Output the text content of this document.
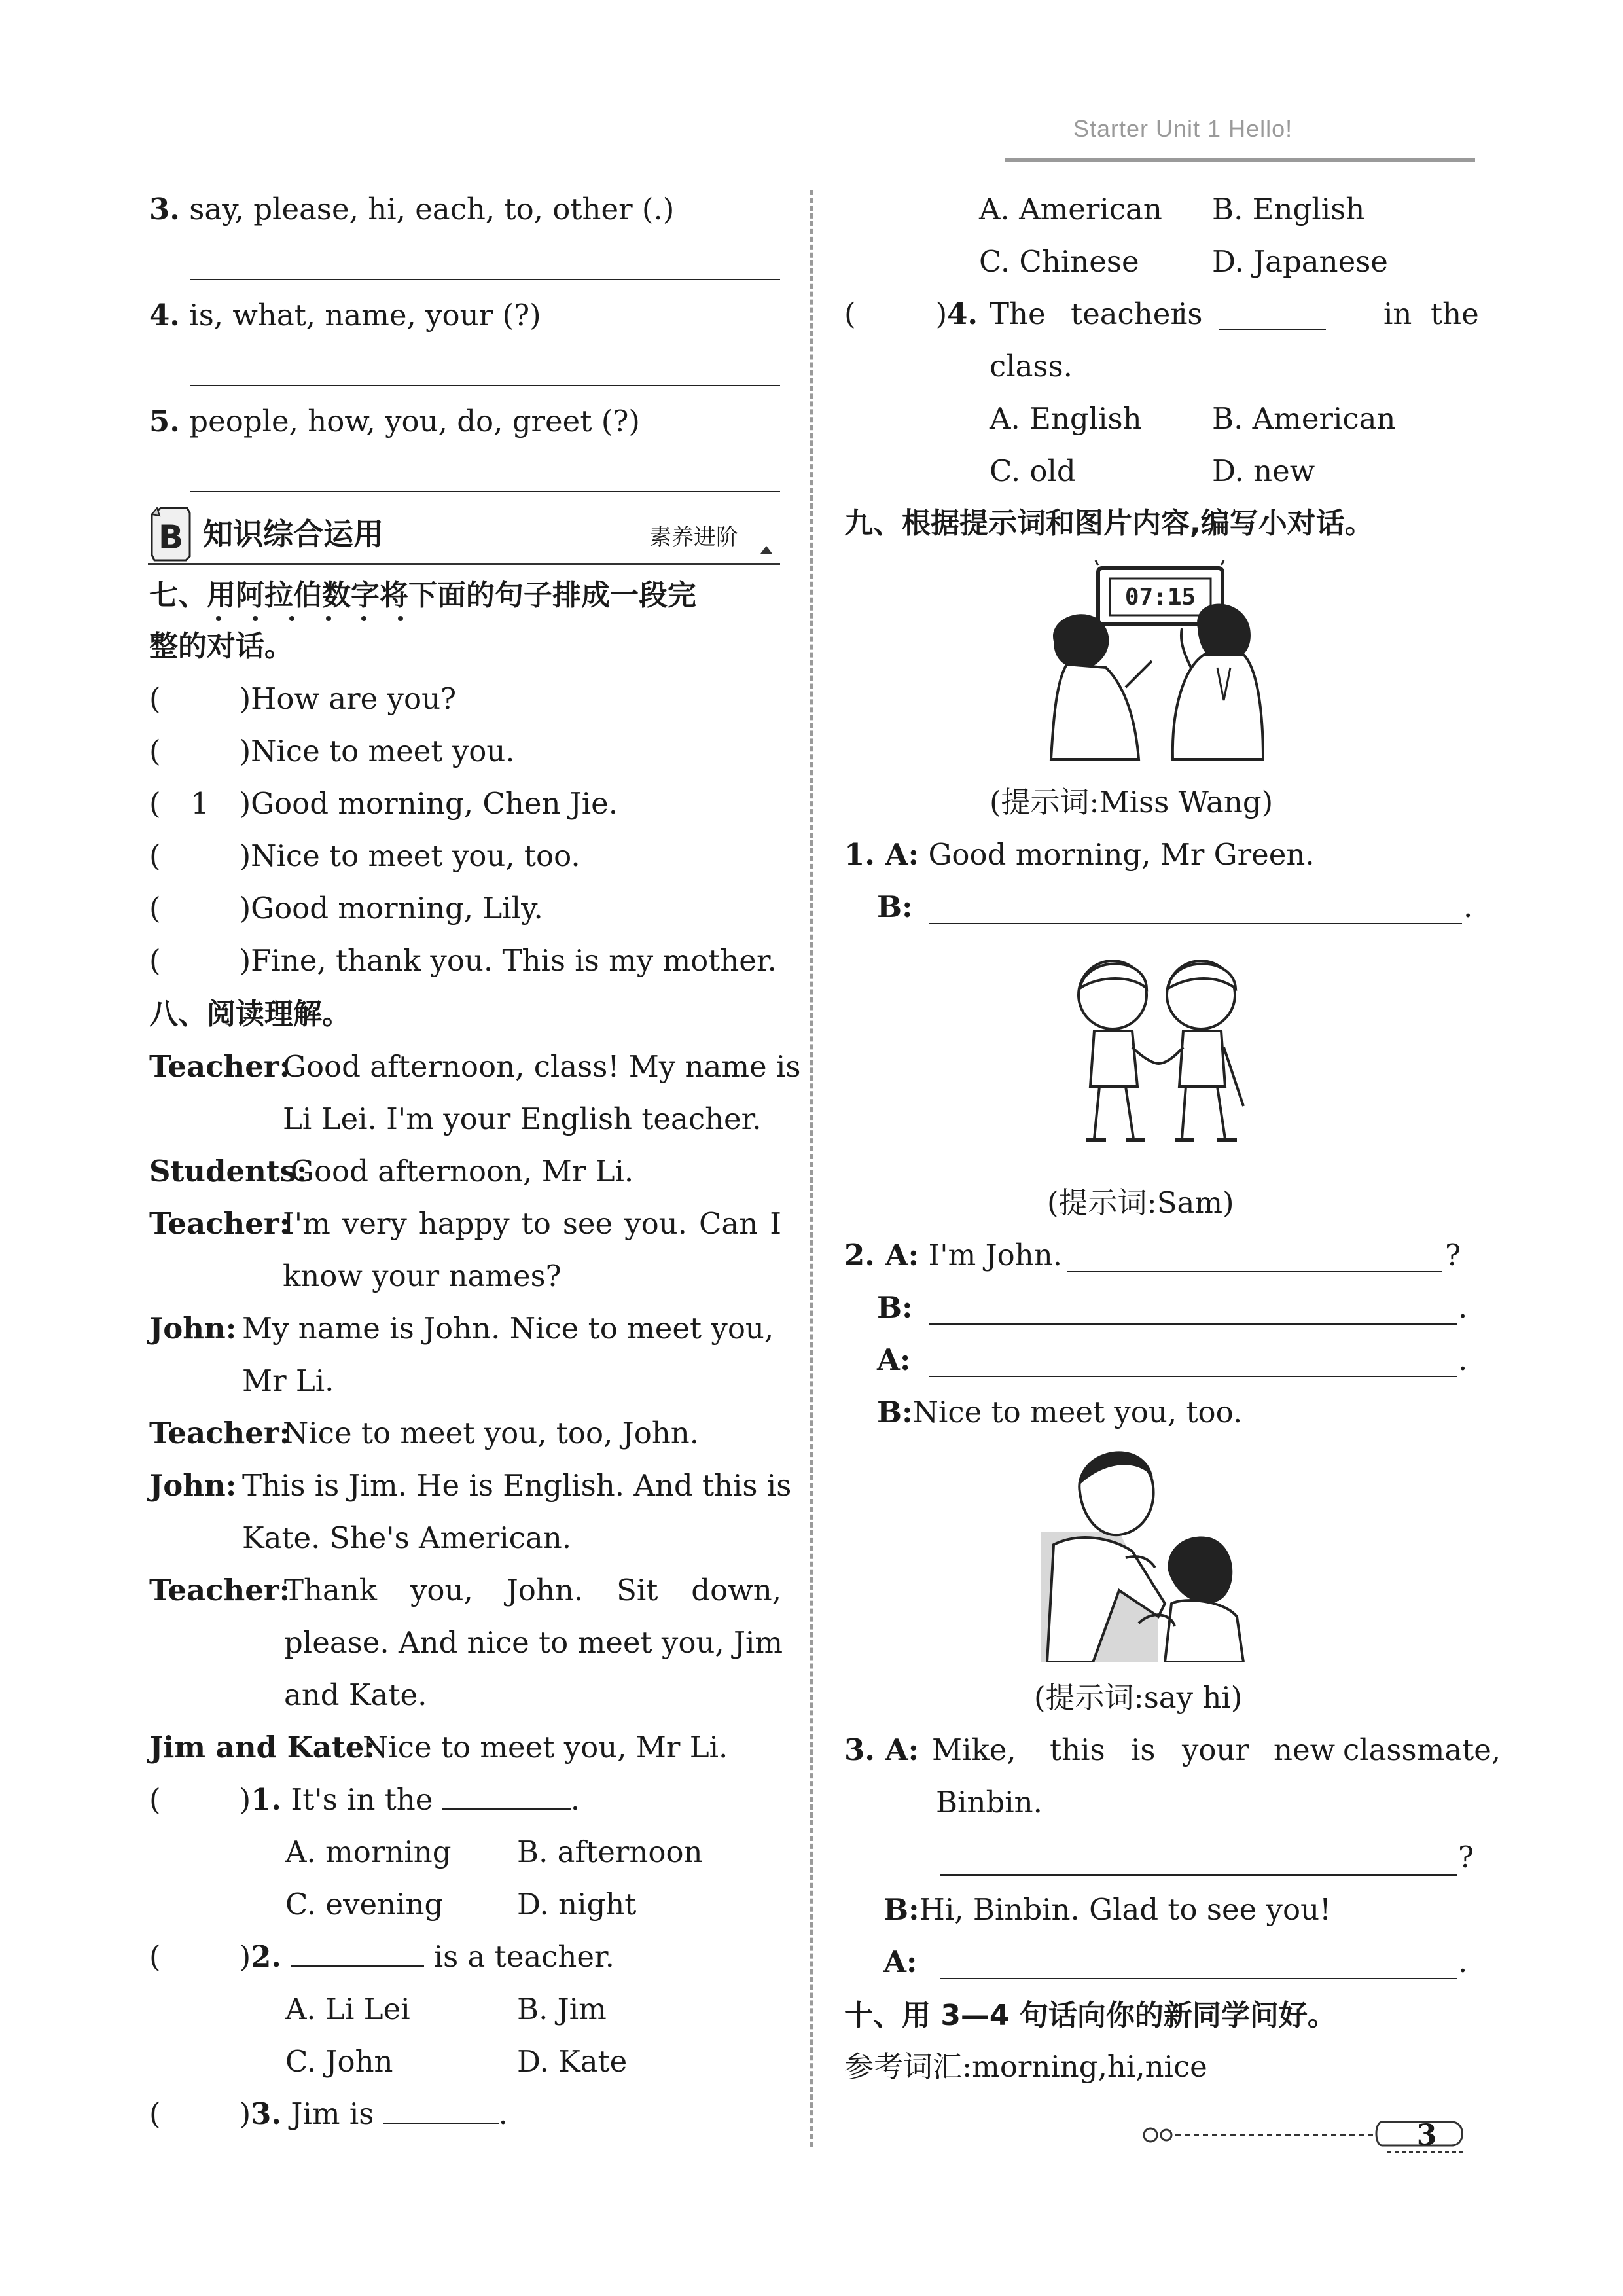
Starter Unit 1 Hello!
3. say, please, hi, each, to, other (.)
4. is, what, name, your (?)
5. people, how, you, do, greet (?)
B 知识综合运用	素养进阶
七、用阿拉伯数字将下面的句子排成一段完
整的对话。
(	)How are you?
(	)Nice to meet you.
( 1 )Good morning, Chen Jie.
(	)Nice to meet you, too.
(	)Good morning, Lily.
(	)Fine, thank you. This is my mother.
八、阅读理解。
Teacher:
Good afternoon, class! My name is
Li Lei. I'm your English teacher.
Students:
Good afternoon, Mr Li.
Teacher:
I'm very happy to see you. Can I
know your names?
John: My name is John. Nice to meet you,
Mr Li.
Teacher:
Nice to meet you, too, John.
John: This is Jim. He is English. And this is
Kate. She's American.
Teacher:
Thank you, John. Sit down,
please. And nice to meet you, Jim
and Kate.
Jim and Kate:
Nice to meet you, Mr Li.
(	)1. It's in the	.
A. morning B. afternoon
C. evening	D. night
(	)2.	is a teacher.
A. Li Lei	B. Jim
C. John	D. Kate
(	)3. Jim is	.
A. American B. English
C. Chinese D. Japanese
(	)4. The teacher
is	in the
class.
A. English B. American
C. old	D. new
九、根据提示词和图片内容,编写小对话。
07:15
(提示词:Miss Wang)
1. A: Good morning, Mr Green.
B:	.
(提示词:Sam)
2. A: I'm John.	?
B:	.
A:	.
B:Nice to meet you, too.
(提示词:say hi)
3. A: Mike, this is your new classmate,
Binbin.
?
B:Hi, Binbin. Glad to see you!
A:	.
十、用 3—4 句话向你的新同学问好。
参考词汇:morning,hi,nice
3
